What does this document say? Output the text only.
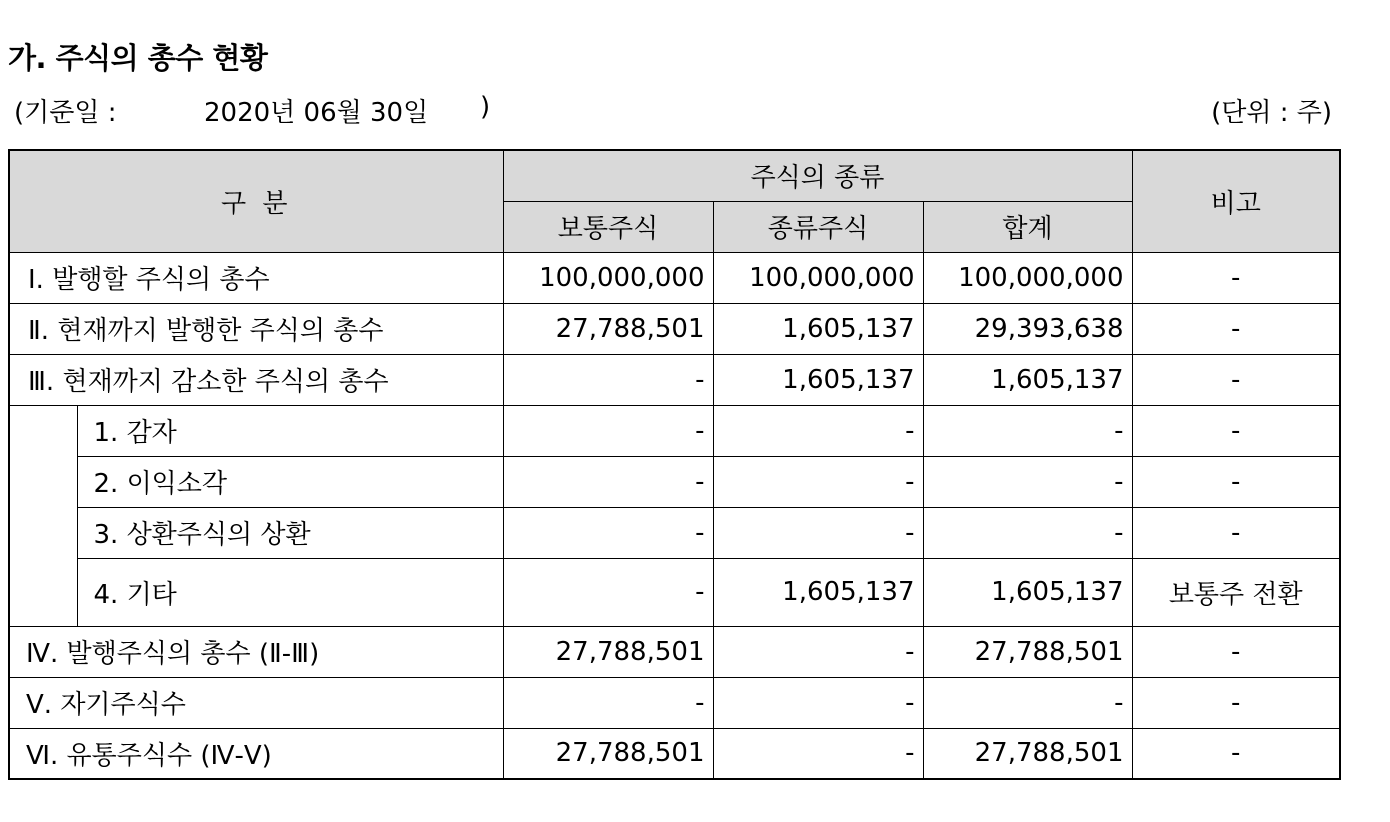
가. 주식의 총수 현황
(기준일 :	2020년 06월 30일 )	(단위 : 주)
구 분		주식의 종류			비고
		보통주식	종류주식	합계	
Ⅰ. 발행할 주식의 총수		100,000,000	100,000,000	100,000,000	-
Ⅱ. 현재까지 발행한 주식의 총수		27,788,501	1,605,137	29,393,638	-
Ⅲ. 현재까지 감소한 주식의 총수		-	1,605,137	1,605,137	-
	1. 감자	-	-	-	-
	2. 이익소각	-	-	-	-
	3. 상환주식의 상환	-	-	-	-
	4. 기타	-	1,605,137	1,605,137	보통주 전환
Ⅳ. 발행주식의 총수 (Ⅱ-Ⅲ)		27,788,501	-	27,788,501	-
Ⅴ. 자기주식수		-	-	-	-
Ⅵ. 유통주식수 (Ⅳ-Ⅴ)		27,788,501	-	27,788,501	-
